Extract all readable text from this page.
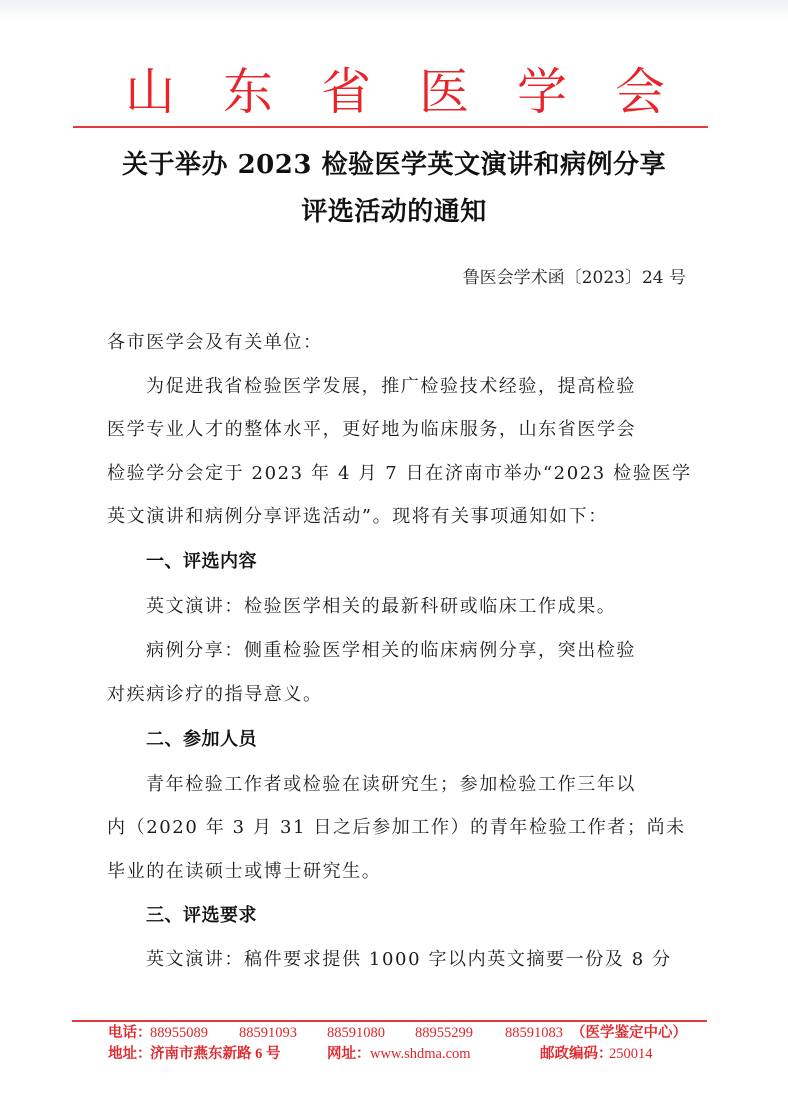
山 东 省 医 学 会
关于举办 2023 检验医学英文演讲和病例分享
评选活动的通知
鲁医会学术函〔2023〕24 号
各市医学会及有关单位：
为促进我省检验医学发展，推广检验技术经验，提高检验
医学专业人才的整体水平，更好地为临床服务，山东省医学会
检验学分会定于 2023 年 4 月 7 日在济南市举办“2023 检验医学
英文演讲和病例分享评选活动”。现将有关事项通知如下：
一、评选内容
英文演讲：检验医学相关的最新科研或临床工作成果。
病例分享：侧重检验医学相关的临床病例分享，突出检验
对疾病诊疗的指导意义。
二、参加人员
青年检验工作者或检验在读研究生；参加检验工作三年以
内（2020 年 3 月 31 日之后参加工作）的青年检验工作者；尚未
毕业的在读硕士或博士研究生。
三、评选要求
英文演讲：稿件要求提供 1000 字以内英文摘要一份及 8 分
电话：
88955089 88591093 88591080 88955299 88591083 （医学鉴定中心）
地址：
济南市燕东新路 6 号	网址： www.shdma.com	邮政编码：
250014
